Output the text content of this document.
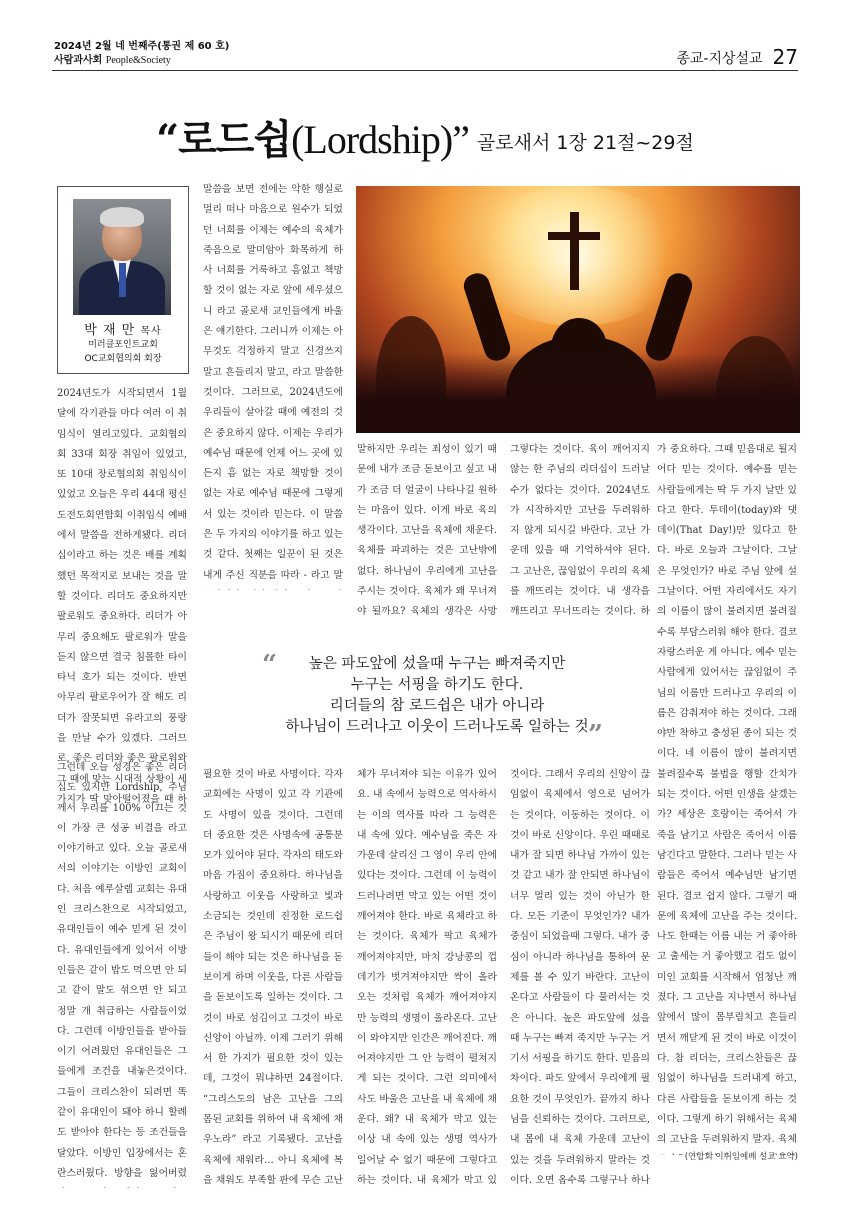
2024년 2월 네 번째주(통권 제 60 호)
사람과사회 People&Society	종교-지상설교 27
“로드쉽(Lordship)” 골로새서 1장 21절~29절
박 재 만 목사
미러클포인트교회
OC교회협의회 회장
2024년도가 시작되면서 1월 달에 각기관들 마다 여러 이 취임식이 열리고있다. 교회협의회 33대 회장 취임이 있었고, 또 10대 장로협의회 취임식이 있었고 오늘은 우리 44대 평신도전도회연합회 이취임식 예배에서 말씀을 전하게됐다. 리더십이라고 하는 것은 배를 계획했던 목적지로 보내는 것을 말할 것이다. 리더도 중요하지만 팔로워도 중요하다. 리더가 아무리 중요해도 팔로워가 말을 듣지 않으면 결국 침몰한 타이타닉 호가 되는 것이다. 반면 아무리 팔로우어가 잘 해도 리더가 잘못되면 유라고의 풍랑을 만날 수가 있겠다. 그러므로, 좋은 리더와 좋은 팔로워와 그 때에 맞는 시대적 상황이 세 가지가 딱 맞아떨어졌을 때 하
그런데 오늘 성경은 좋은 리더십도 있지만 Lordship, 주님께서 우리를 100% 이끄는 것이 가장 큰 성공 비결을 라고 이야기하고 있다. 오늘 골로새서의 이야기는 이방인 교회이다. 처음 예루살렘 교회는 유대인 크리스찬으로 시작되었고, 유대인들이 예수 믿게 된 것이다. 유대인들에게 있어서 이방인들은 같이 밥도 먹으면 안 되고 같이 말도 섞으면 안 되고 정말 개 취급하는 사람들이었다. 그런데 이방인들을 받아들이기 어려웠던 유대인들은 그들에게 조건을 내놓은것이다. 그들이 크리스찬이 되려면 똑같이 유대인이 돼야 하니 할례도 받아야 한다는 등 조건들을 달았다. 이방인 입장에서는 혼란스러웠다. 방향을 잃어버렸
말씀을 보면 전에는 악한 행실로 멀리 떠나 마음으로 원수가 되었던 너희를 이제는 예수의 육체가 죽음으로 말미암아 화목하게 하사 너희를 거룩하고 흠없고 책망할 것이 없는 자로 앞에 세우셨으니 라고 골로새 교인들에게 바울은 얘기한다. 그러니까 이제는 아무것도 걱정하지 말고 신경쓰지 말고 흔들리지 말고, 라고 말씀한 것이다. 그러므로, 2024년도에 우리들이 살아갈 때에 예전의 것은 중요하지 않다. 이제는 우리가 예수님 때문에 언제 어느 곳에 있든지 흠 없는 자로 책망할 것이 없는 자로 예수님 때문에 그렇게 서 있는 것이라 믿는다. 이 말씀은 두 가지의 이야기를 하고 있는 것 같다. 첫째는 일꾼이 된 것은 내게 주신 직분을 따라 - 라고 말
필요한 것이 바로 사명이다. 각자 교회에는 사명이 있고 각 기관에도 사명이 있을 것이다. 그런데 더 중요한 것은 사명속에 공통분모가 있어야 된다. 각자의 태도와 마음 가짐이 중요하다. 하나님을 사랑하고 이웃을 사랑하고 빛과 소금되는 것인데 진정한 로드쉽은 주님이 왕 되시기 때문에 리더들이 해야 되는 것은 하나님을 돋보이게 하며 이웃을, 다른 사람들을 돋보이도록 일하는 것이다. 그것이 바로 섬김이고 그것이 바로 신앙이 아닐까. 이제 그러기 위해서 한 가지가 필요한 것이 있는데, 그것이 뭐냐하면 24절이다. “그리스도의 남은 고난을 그의 몸된 교회를 위하여 내 육체에 채우노라” 라고 기록됐다. 고난을 육체에 채워라… 아니 육체에 복을 채워도 부족할 판에 무슨 고난
말하지만 우리는 죄성이 있기 때문에 내가 조금 돋보이고 싶고 내가 조금 더 얼굴이 나타나길 원하는 마음이 있다. 이게 바로 육의 생각이다. 고난을 육체에 채운다. 육체를 파괴하는 것은 고난밖에 없다. 하나님이 우리에게 고난을 주시는 것이다. 육체가 왜 무너져야 될까요? 육체의 생각은 사망
체가 무너져야 되는 이유가 있어요. 내 속에서 능력으로 역사하시는 이의 역사를 따라 그 능력은 내 속에 있다. 예수님을 죽은 자 가운데 살리신 그 영이 우리 안에 있다는 것이다. 그런데 이 능력이 드러나려면 막고 있는 어떤 것이 깨어져야 한다. 바로 육체라고 하는 것이다. 육체가 팍고 육체가 깨어져야지만, 마치 강낭콩의 껍데기가 벗겨져야지만 싹이 올라오는 것처럼 육체가 깨어져야지만 능력의 생명이 올라온다. 고난이 와야지만 인간은 깨어진다. 깨어져야지만 그 안 능력이 펼쳐지게 되는 것이다. 그런 의미에서 사도 바울은 고난을 내 육체에 채운다. 왜? 내 육체가 막고 있는 이상 내 속에 있는 생명 역사가 일어날 수 없기 때문에 그렇다고 하는 것이다. 내 육체가 막고 있
그렇다는 것이다. 육이 깨어지지 않는 한 주님의 리더십이 드러날 수가 없다는 것이다. 2024년도가 시작하지만 고난을 두려워하지 않게 되시길 바란다. 고난 가운데 있을 때 기억하셔야 된다. 그 고난은, 끊임없이 우리의 육체를 깨뜨리는 것이다. 내 생각을 깨뜨리고 무너뜨리는 것이다. 하
것이다. 그래서 우리의 신앙이 끊임없이 육체에서 영으로 넘어가는 것이다. 이동하는 것이다. 이것이 바로 신앙이다. 우린 때때로 내가 잘 되면 하나님 가까이 있는 것 같고 내가 잘 안되면 하나님이 너무 멀리 있는 것이 아닌가 한다. 모든 기준이 무엇인가? 내가 중심이 되었을때 그렇다. 내가 중심이 아니라 하나님을 통하여 문제를 볼 수 있기 바란다. 고난이 온다고 사람들이 다 물러서는 것은 아니다. 높은 파도앞에 섰을 때 누구는 빠져 죽지만 누구는 거기서 서핑을 하기도 한다. 믿음의 차이다. 파도 앞에서 우리에게 필요한 것이 무엇인가. 끝까지 하나님을 신뢰하는 것이다. 그러므로, 내 몸에 내 육체 가운데 고난이 있는 것을 두려워하지 말라는 것이다. 오면 옵수록 그렇구나 하나
가 중요하다. 그때 믿음대로 될지어다 믿는 것이다. 예수를 믿는 사람들에게는 딱 두 가지 날만 있다고 한다. 투데이(today)와 댓데이(That Day!)만 있다고 한다. 바로 오늘과 그날이다. 그날은 무엇인가? 바로 주님 앞에 설 그날이다. 어떤 자리에서도 자기의 이름이 많이 불려지면 불려질수록 부담스러워 해야 한다. 결코 자랑스러운 게 아니다. 예수 믿는 사람에게 있어서는 끊임없이 주님의 이름만 드러나고 우리의 이름은 감춰져야 하는 것이다. 그래야만 착하고 충성된 종이 되는 것이다. 네 이름이 많이 불려지면 불려질수록 불법을 행할 간치가 되는 것이다. 어떤 인생을 살겠는가? 세상은 호랑이는 죽어서 가죽을 남기고 사람은 죽어서 이름 남긴다고 말한다. 그러나 믿는 사람들은 죽어서 예수님만 남기면 된다. 결코 쉽지 않다. 그렇기 때문에 육체에 고난을 주는 것이다. 나도 한때는 이름 내는 거 좋아하고 출세는 거 좋아했고 겁도 없이 미인 교회를 시작해서 엄청난 깨졌다. 그 고난을 지나면서 하나님 앞에서 많이 몸부림치고 흔들리면서 깨닫게 된 것이 바로 이것이다. 참 리더는, 크리스찬들은 끊임없이 하나님을 드러내게 하고, 다른 사람들을 돋보이게 하는 것이다. 그렇게 하기 위해서는 육체의 고난을 두려워하지 말자. 육체
“	높은 파도앞에 섰을때 누구는 빠져죽지만
누구는 서핑을 하기도 한다.
리더들의 참 로드쉽은 내가 아니라
하나님이 드러나고 이웃이 드러나도록 일하는 것 ”
(연합회 이취임예배 설교 요약)
